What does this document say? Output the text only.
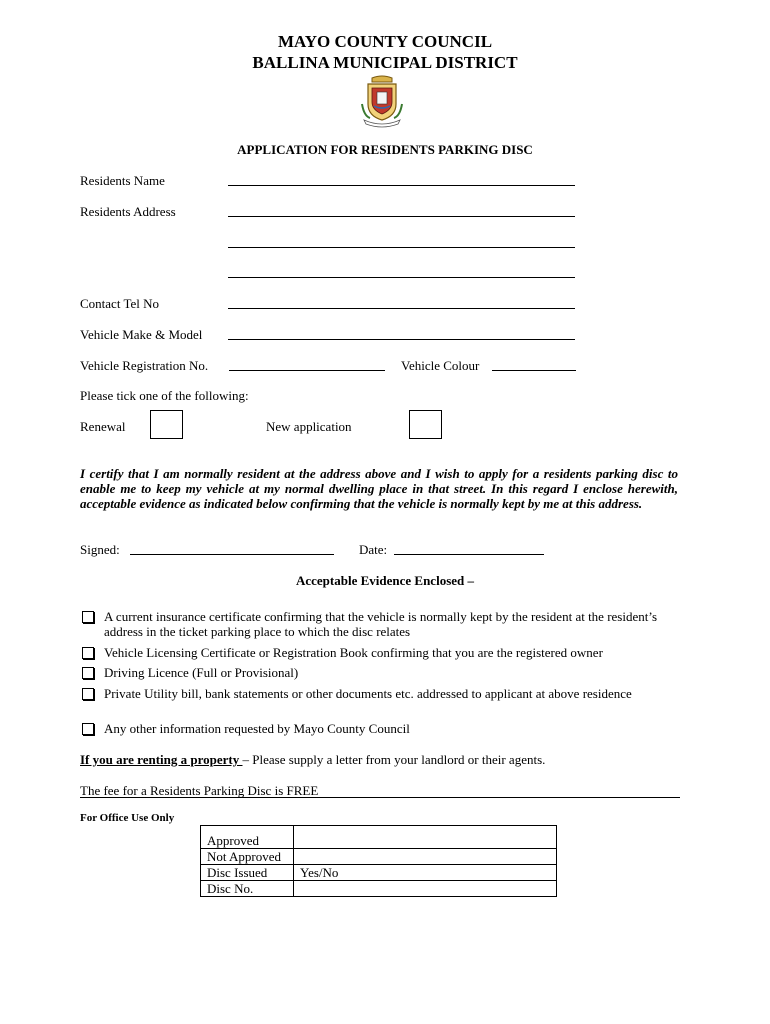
MAYO COUNTY COUNCIL
BALLINA MUNICIPAL DISTRICT
APPLICATION FOR RESIDENTS PARKING DISC
Residents Name
Residents Address
Contact Tel No
Vehicle Make & Model
Vehicle Registration No.	Vehicle Colour
Please tick one of the following:
Renewal	New application
I certify that I am normally resident at the address above and I wish to apply for a residents parking disc to enable me to keep my vehicle at my normal dwelling place in that street. In this regard I enclose herewith, acceptable evidence as indicated below confirming that the vehicle is normally kept by me at this address.
Signed:	Date:
Acceptable Evidence Enclosed –
A current insurance certificate confirming that the vehicle is normally kept by the resident at the resident’s address in the ticket parking place to which the disc relates
Vehicle Licensing Certificate or Registration Book confirming that you are the registered owner
Driving Licence (Full or Provisional)
Private Utility bill, bank statements or other documents etc. addressed to applicant at above residence
Any other information requested by Mayo County Council
If you are renting a property – Please supply a letter from your landlord or their agents.
The fee for a Residents Parking Disc is FREE
For Office Use Only
Approved	
Not Approved	
Disc Issued	Yes/No
Disc No.	
